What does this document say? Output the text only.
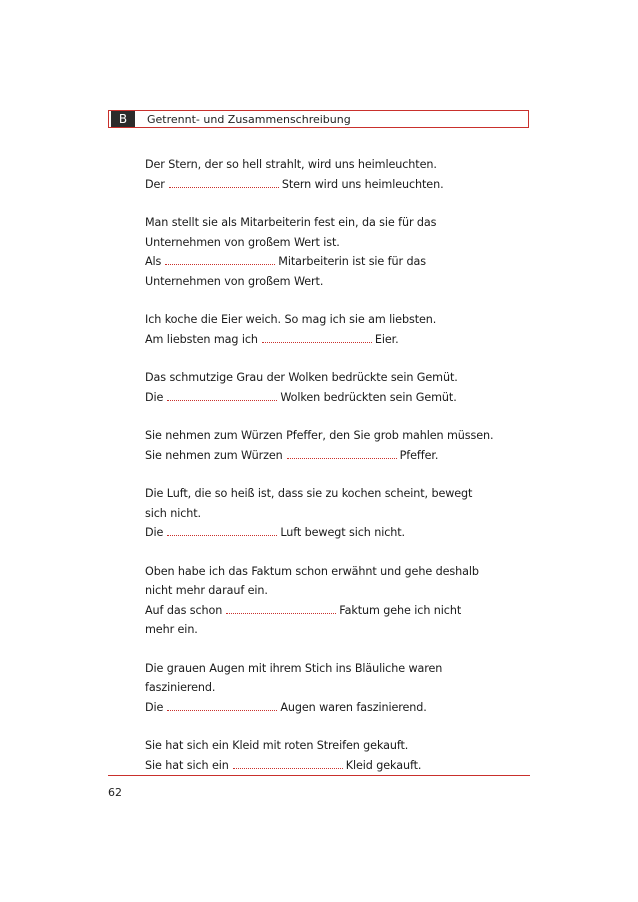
B	Getrennt- und Zusammenschreibung
Der Stern, der so hell strahlt, wird uns heimleuchten.
Der	Stern wird uns heimleuchten.
Man stellt sie als Mitarbeiterin fest ein, da sie für das
Unternehmen von großem Wert ist.
Als	Mitarbeiterin ist sie für das
Unternehmen von großem Wert.
Ich koche die Eier weich. So mag ich sie am liebsten.
Am liebsten mag ich	Eier.
Das schmutzige Grau der Wolken bedrückte sein Gemüt.
Die	Wolken bedrückten sein Gemüt.
Sie nehmen zum Würzen Pfeffer, den Sie grob mahlen müssen.
Sie nehmen zum Würzen	Pfeffer.
Die Luft, die so heiß ist, dass sie zu kochen scheint, bewegt
sich nicht.
Die	Luft bewegt sich nicht.
Oben habe ich das Faktum schon erwähnt und gehe deshalb
nicht mehr darauf ein.
Auf das schon	Faktum gehe ich nicht
mehr ein.
Die grauen Augen mit ihrem Stich ins Bläuliche waren
faszinierend.
Die	Augen waren faszinierend.
Sie hat sich ein Kleid mit roten Streifen gekauft.
Sie hat sich ein	Kleid gekauft.
62
